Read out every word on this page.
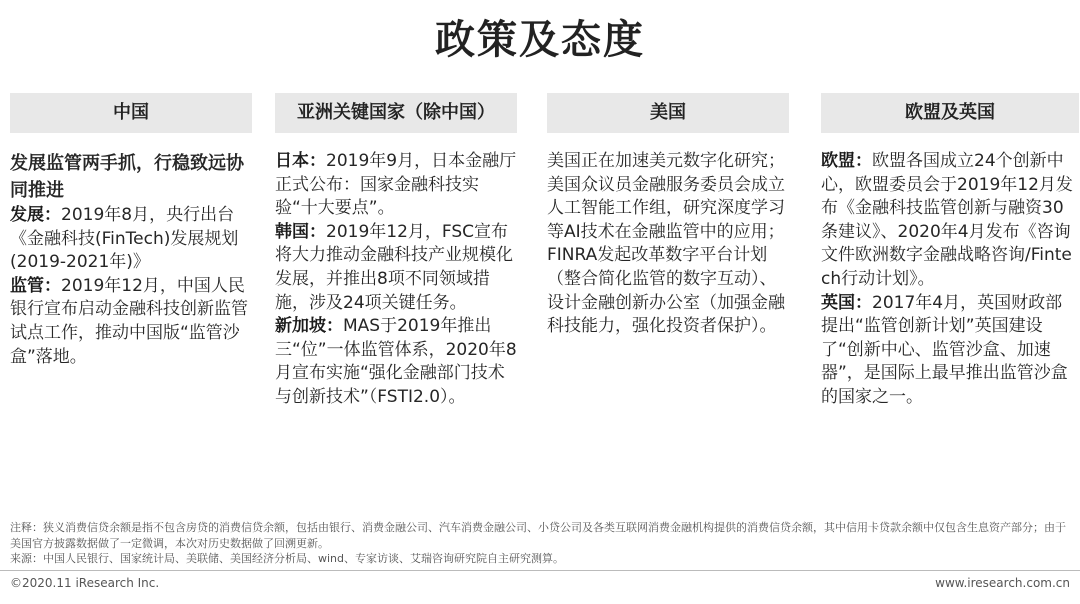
政策及态度
中国

发展监管两手抓，行稳致远协同推进

发展：2019年8月，央行出台《金融科技(FinTech)发展规划(2019-2021年)》

监管：2019年12月，中国人民银行宣布启动金融科技创新监管试点工作，推动中国版“监管沙盒”落地。

亚洲关键国家（除中国）

日本：2019年9月，日本金融厅正式公布：国家金融科技实验“十大要点”。

韩国：2019年12月，FSC宣布将大力推动金融科技产业规模化发展，并推出8项不同领域措施，涉及24项关键任务。

新加坡：MAS于2019年推出三“位”一体监管体系，2020年8月宣布实施“强化金融部门技术与创新技术”（FSTI2.0）。

美国

美国正在加速美元数字化研究；

美国众议员金融服务委员会成立人工智能工作组，研究深度学习等AI技术在金融监管中的应用；

FINRA发起改革数字平台计划（整合简化监管的数字互动）、设计金融创新办公室（加强金融科技能力，强化投资者保护）。

欧盟及英国

欧盟：欧盟各国成立24个创新中心，欧盟委员会于2019年12月发布《金融科技监管创新与融资30条建议》、2020年4月发布《咨询文件欧洲数字金融战略咨询/Fintech行动计划》。

英国：2017年4月，英国财政部提出“监管创新计划”英国建设了“创新中心、监管沙盒、加速器”，是国际上最早推出监管沙盒的国家之一。

注释：狭义消费信贷余额是指不包含房贷的消费信贷余额，包括由银行、消费金融公司、汽车消费金融公司、小贷公司及各类互联网消费金融机构提供的消费信贷余额，其中信用卡贷款余额中仅包含生息资产部分；由于美国官方披露数据做了一定微调，本次对历史数据做了回溯更新。
来源：中国人民银行、国家统计局、美联储、美国经济分析局、wind、专家访谈、艾瑞咨询研究院自主研究测算。
©2020.11 iResearch Inc.	www.iresearch.com.cn
